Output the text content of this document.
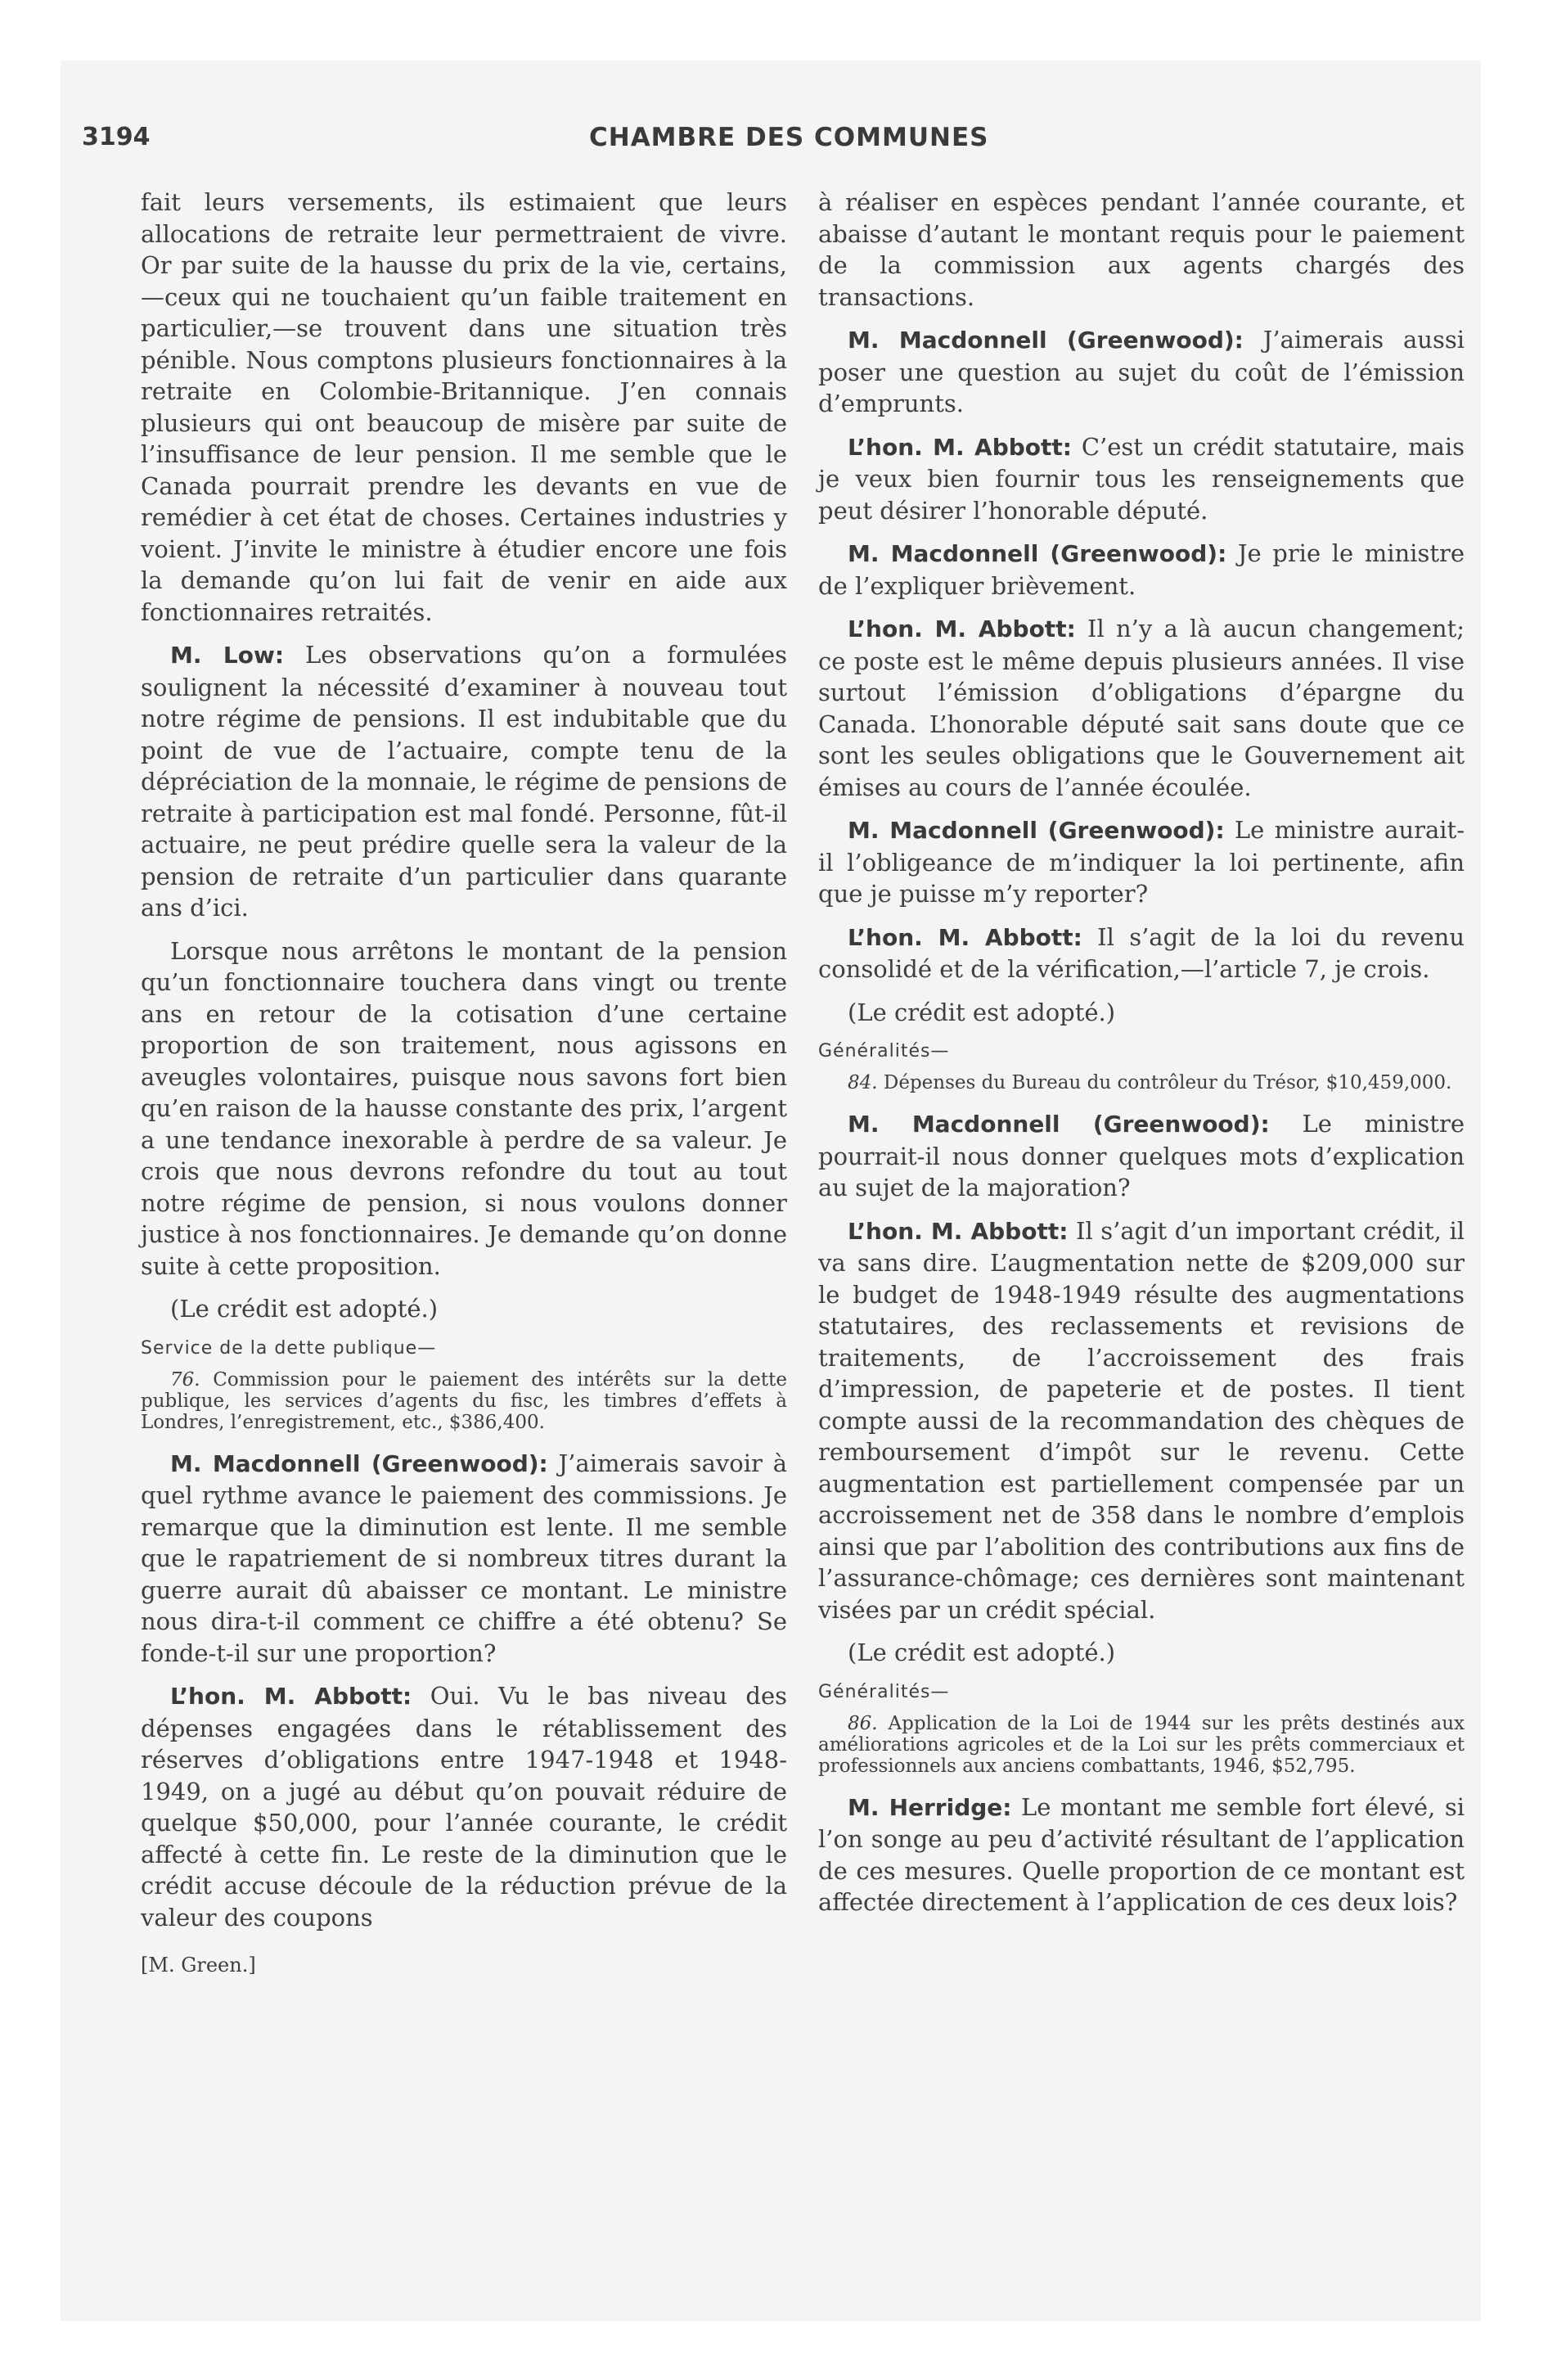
3194	CHAMBRE DES COMMUNES

fait leurs versements, ils estimaient que leurs allocations de retraite leur permettraient de vivre. Or par suite de la hausse du prix de la vie, certains,—ceux qui ne touchaient qu’un faible traitement en particulier,—se trouvent dans une situation très pénible. Nous comptons plusieurs fonctionnaires à la retraite en Colombie-Britannique. J’en connais plusieurs qui ont beaucoup de misère par suite de l’insuffisance de leur pension. Il me semble que le Canada pourrait prendre les devants en vue de remédier à cet état de choses. Certaines industries y voient. J’invite le ministre à étudier encore une fois la demande qu’on lui fait de venir en aide aux fonctionnaires retraités.

M. Low: Les observations qu’on a formulées soulignent la nécessité d’examiner à nouveau tout notre régime de pensions. Il est indubitable que du point de vue de l’actuaire, compte tenu de la dépréciation de la monnaie, le régime de pensions de retraite à participation est mal fondé. Personne, fût-il actuaire, ne peut prédire quelle sera la valeur de la pension de retraite d’un particulier dans quarante ans d’ici.

Lorsque nous arrêtons le montant de la pension qu’un fonctionnaire touchera dans vingt ou trente ans en retour de la cotisation d’une certaine proportion de son traitement, nous agissons en aveugles volontaires, puisque nous savons fort bien qu’en raison de la hausse constante des prix, l’argent a une tendance inexorable à perdre de sa valeur. Je crois que nous devrons refondre du tout au tout notre régime de pension, si nous voulons donner justice à nos fonctionnaires. Je demande qu’on donne suite à cette proposition.

(Le crédit est adopté.)

Service de la dette publique—

76. Commission pour le paiement des intérêts sur la dette publique, les services d’agents du fisc, les timbres d’effets à Londres, l’enregistrement, etc., $386,400.

M. Macdonnell (Greenwood): J’aimerais savoir à quel rythme avance le paiement des commissions. Je remarque que la diminution est lente. Il me semble que le rapatriement de si nombreux titres durant la guerre aurait dû abaisser ce montant. Le ministre nous dira-t-il comment ce chiffre a été obtenu? Se fonde-t-il sur une proportion?

L’hon. M. Abbott: Oui. Vu le bas niveau des dépenses engagées dans le rétablissement des réserves d’obligations entre 1947-1948 et 1948-1949, on a jugé au début qu’on pouvait réduire de quelque $50,000, pour l’année courante, le crédit affecté à cette fin. Le reste de la diminution que le crédit accuse découle de la réduction prévue de la valeur des coupons

[M. Green.]

à réaliser en espèces pendant l’année courante, et abaisse d’autant le montant requis pour le paiement de la commission aux agents chargés des transactions.

M. Macdonnell (Greenwood): J’aimerais aussi poser une question au sujet du coût de l’émission d’emprunts.

L’hon. M. Abbott: C’est un crédit statutaire, mais je veux bien fournir tous les renseignements que peut désirer l’honorable député.

M. Macdonnell (Greenwood): Je prie le ministre de l’expliquer brièvement.

L’hon. M. Abbott: Il n’y a là aucun changement; ce poste est le même depuis plusieurs années. Il vise surtout l’émission d’obligations d’épargne du Canada. L’honorable député sait sans doute que ce sont les seules obligations que le Gouvernement ait émises au cours de l’année écoulée.

M. Macdonnell (Greenwood): Le ministre aurait-il l’obligeance de m’indiquer la loi pertinente, afin que je puisse m’y reporter?

L’hon. M. Abbott: Il s’agit de la loi du revenu consolidé et de la vérification,—l’article 7, je crois.

(Le crédit est adopté.)

Généralités—

84. Dépenses du Bureau du contrôleur du Trésor, $10,459,000.

M. Macdonnell (Greenwood): Le ministre pourrait-il nous donner quelques mots d’explication au sujet de la majoration?

L’hon. M. Abbott: Il s’agit d’un important crédit, il va sans dire. L’augmentation nette de $209,000 sur le budget de 1948-1949 résulte des augmentations statutaires, des reclassements et revisions de traitements, de l’accroissement des frais d’impression, de papeterie et de postes. Il tient compte aussi de la recommandation des chèques de remboursement d’impôt sur le revenu. Cette augmentation est partiellement compensée par un accroissement net de 358 dans le nombre d’emplois ainsi que par l’abolition des contributions aux fins de l’assurance-chômage; ces dernières sont maintenant visées par un crédit spécial.

(Le crédit est adopté.)

Généralités—

86. Application de la Loi de 1944 sur les prêts destinés aux améliorations agricoles et de la Loi sur les prêts commerciaux et professionnels aux anciens combattants, 1946, $52,795.

M. Herridge: Le montant me semble fort élevé, si l’on songe au peu d’activité résultant de l’application de ces mesures. Quelle proportion de ce montant est affectée directement à l’application de ces deux lois?
